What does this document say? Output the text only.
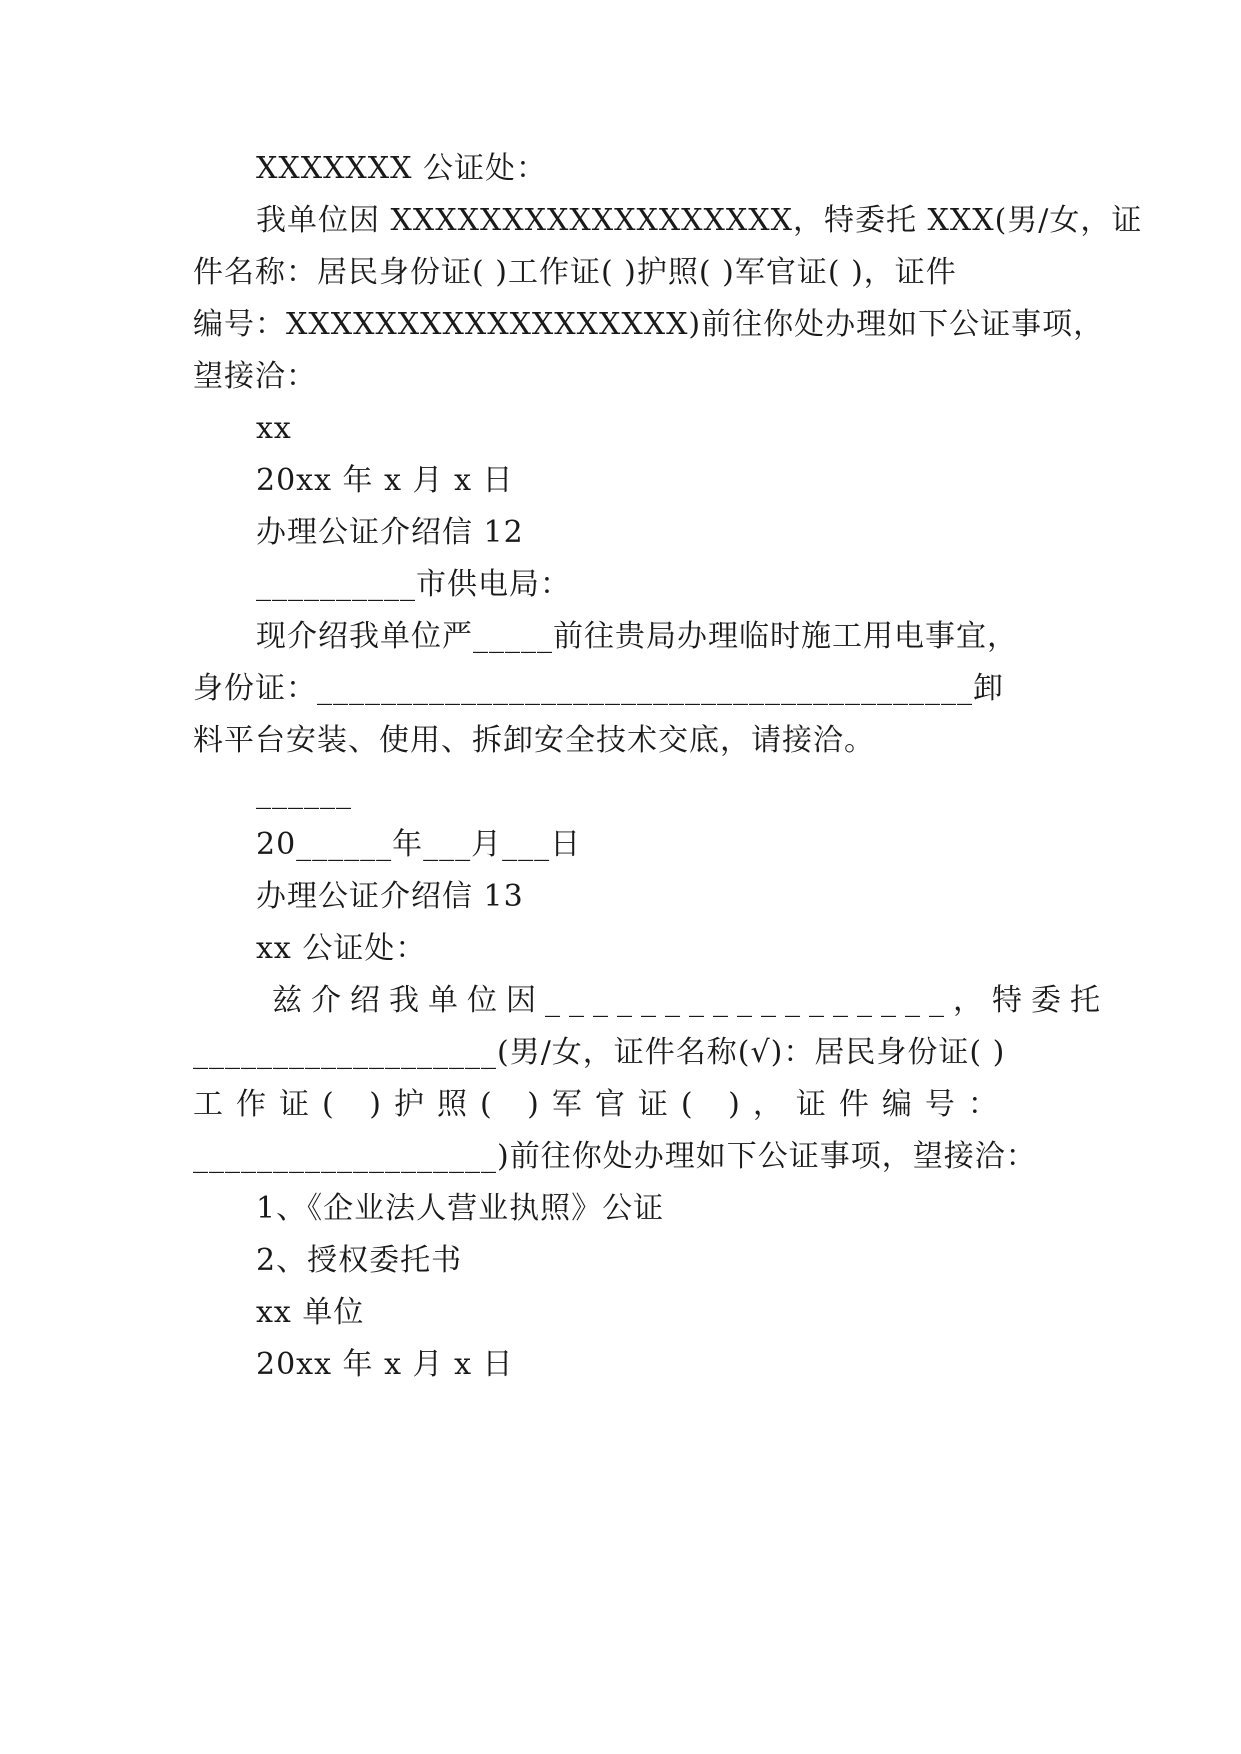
XXXXXXX 公证处：
我单位因 XXXXXXXXXXXXXXXXXX，特委托 XXX(男/女，证
件名称：居民身份证( )工作证( )护照( )军官证( )，证件
编号：XXXXXXXXXXXXXXXXXX)前往你处办理如下公证事项，
望接洽：
xx
20xx 年 x 月 x 日
办理公证介绍信 12
__________市供电局：
现介绍我单位严_____前往贵局办理临时施工用电事宜，
身份证：_________________________________________卸
料平台安装、使用、拆卸安全技术交底，请接洽。
______
20______年___月___日
办理公证介绍信 13
xx 公证处：
兹介绍我单位因_________________，特委托
___________________(男/女，证件名称(√)：居民身份证( )
工作证( )护照( )军官证( )，证件编号：
___________________)前往你处办理如下公证事项，望接洽：
1、《企业法人营业执照》公证
2、授权委托书
xx 单位
20xx 年 x 月 x 日
